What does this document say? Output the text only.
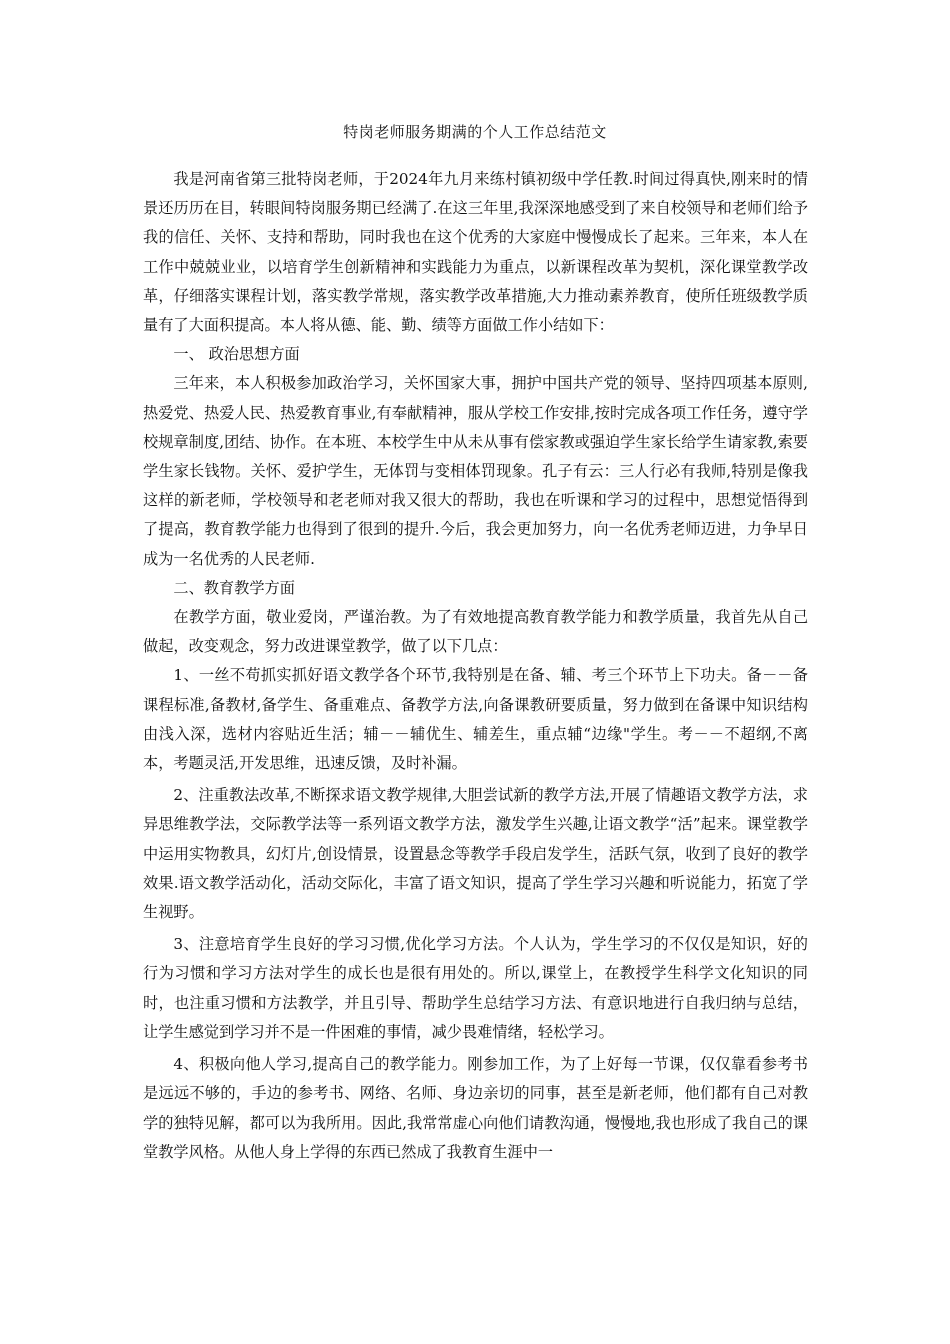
特岗老师服务期满的个人工作总结范文

我是河南省第三批特岗老师，于2024年九月来练村镇初级中学任教.时间过得真快,刚来时的情景还历历在目，转眼间特岗服务期已经满了.在这三年里,我深深地感受到了来自校领导和老师们给予我的信任、关怀、支持和帮助，同时我也在这个优秀的大家庭中慢慢成长了起来。三年来，本人在工作中兢兢业业，以培育学生创新精神和实践能力为重点，以新课程改革为契机，深化课堂教学改革，仔细落实课程计划，落实教学常规，落实教学改革措施,大力推动素养教育，使所任班级教学质量有了大面积提高。本人将从德、能、勤、绩等方面做工作小结如下：

一、 政治思想方面

三年来，本人积极参加政治学习，关怀国家大事，拥护中国共产党的领导、坚持四项基本原则,热爱党、热爱人民、热爱教育事业,有奉献精神，服从学校工作安排,按时完成各项工作任务，遵守学校规章制度,团结、协作。在本班、本校学生中从未从事有偿家教或强迫学生家长给学生请家教,索要学生家长钱物。关怀、爱护学生，无体罚与变相体罚现象。孔子有云：三人行必有我师,特别是像我这样的新老师，学校领导和老老师对我又很大的帮助，我也在听课和学习的过程中，思想觉悟得到了提高，教育教学能力也得到了很到的提升.今后，我会更加努力，向一名优秀老师迈进，力争早日成为一名优秀的人民老师.

二、教育教学方面

在教学方面，敬业爱岗，严谨治教。为了有效地提高教育教学能力和教学质量，我首先从自己做起，改变观念，努力改进课堂教学，做了以下几点：

1、一丝不苟抓实抓好语文教学各个环节,我特别是在备、辅、考三个环节上下功夫。备－－备课程标准,备教材,备学生、备重难点、备教学方法,向备课教研要质量，努力做到在备课中知识结构由浅入深，选材内容贴近生活；辅－－辅优生、辅差生，重点辅“边缘"学生。考－－不超纲,不离本，考题灵活,开发思维，迅速反馈，及时补漏。

2、注重教法改革,不断探求语文教学规律,大胆尝试新的教学方法,开展了情趣语文教学方法，求异思维教学法，交际教学法等一系列语文教学方法，激发学生兴趣,让语文教学“活”起来。课堂教学中运用实物教具，幻灯片,创设情景，设置悬念等教学手段启发学生，活跃气氛，收到了良好的教学效果.语文教学活动化，活动交际化，丰富了语文知识，提高了学生学习兴趣和听说能力，拓宽了学生视野。

3、注意培育学生良好的学习习惯,优化学习方法。个人认为，学生学习的不仅仅是知识，好的行为习惯和学习方法对学生的成长也是很有用处的。所以,课堂上，在教授学生科学文化知识的同时，也注重习惯和方法教学，并且引导、帮助学生总结学习方法、有意识地进行自我归纳与总结，让学生感觉到学习并不是一件困难的事情，减少畏难情绪，轻松学习。

4、积极向他人学习,提高自己的教学能力。刚参加工作，为了上好每一节课，仅仅靠看参考书是远远不够的，手边的参考书、网络、名师、身边亲切的同事，甚至是新老师，他们都有自己对教学的独特见解，都可以为我所用。因此,我常常虚心向他们请教沟通，慢慢地,我也形成了我自己的课堂教学风格。从他人身上学得的东西已然成了我教育生涯中一
